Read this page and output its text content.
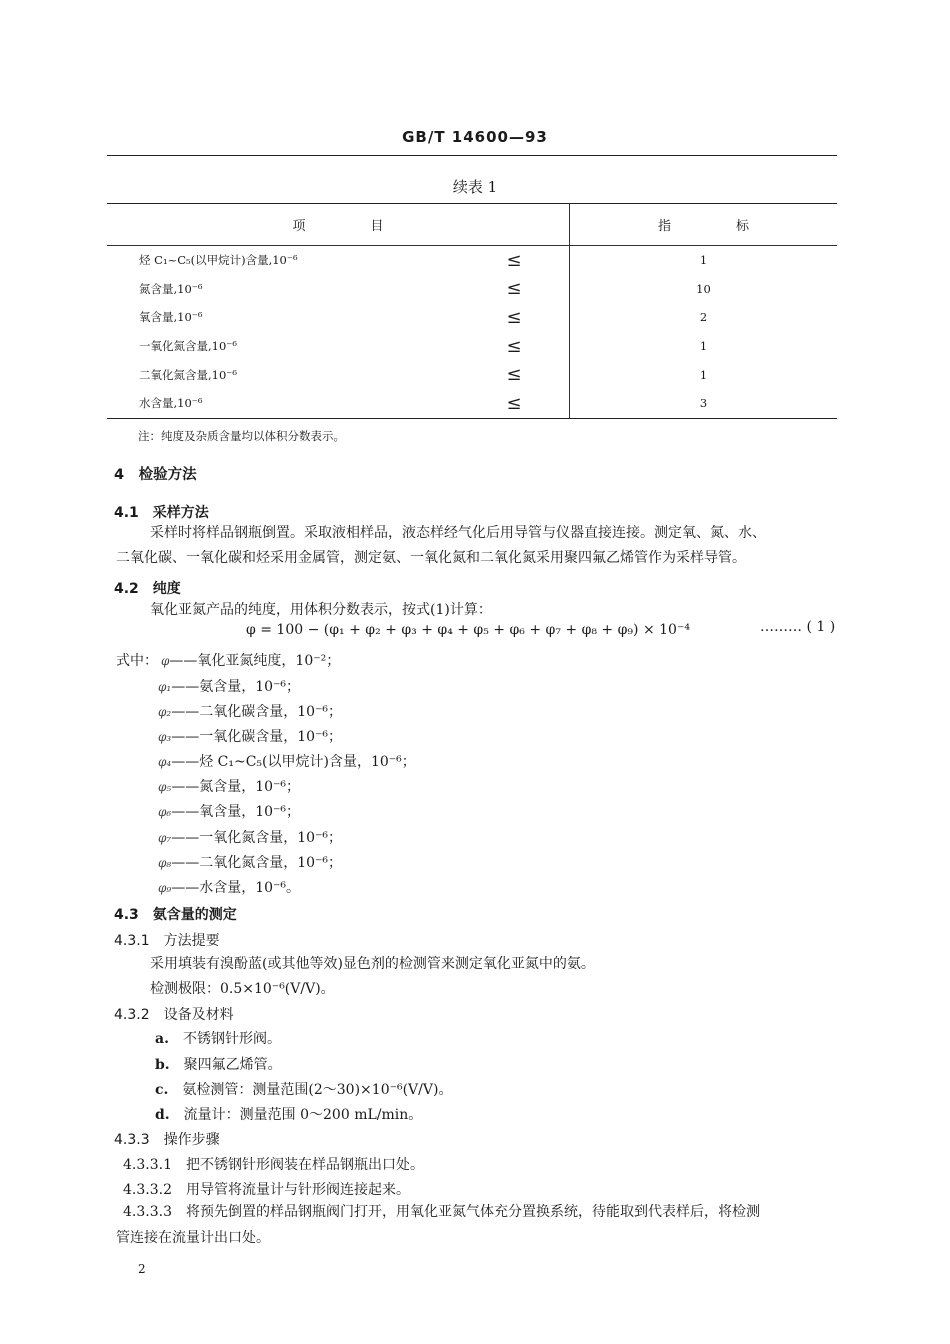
GB/T 14600—93
续表 1
项　　　　　目		指　　　　　标
烃 C₁~C₅(以甲烷计)含量,10⁻⁶	≤	1
氮含量,10⁻⁶	≤	10
氧含量,10⁻⁶	≤	2
一氧化氮含量,10⁻⁶	≤	1
二氧化氮含量,10⁻⁶	≤	1
水含量,10⁻⁶	≤	3
注：纯度及杂质含量均以体积分数表示。
4　检验方法
4.1　采样方法
采样时将样品钢瓶倒置。采取液相样品，液态样经气化后用导管与仪器直接连接。测定氧、氮、水、
二氧化碳、一氧化碳和烃采用金属管，测定氨、一氧化氮和二氧化氮采用聚四氟乙烯管作为采样导管。
4.2　纯度
氧化亚氮产品的纯度，用体积分数表示，按式(1)计算：
φ = 100 − (φ₁ + φ₂ + φ₃ + φ₄ + φ₅ + φ₆ + φ₇ + φ₈ + φ₉) × 10⁻⁴	……… ( 1 )
式中： φ——氧化亚氮纯度，10⁻²；
φ₁——氨含量，10⁻⁶；
φ₂——二氧化碳含量，10⁻⁶；
φ₃——一氧化碳含量，10⁻⁶；
φ₄——烃 C₁~C₅(以甲烷计)含量，10⁻⁶；
φ₅——氮含量，10⁻⁶；
φ₆——氧含量，10⁻⁶；
φ₇——一氧化氮含量，10⁻⁶；
φ₈——二氧化氮含量，10⁻⁶；
φ₉——水含量，10⁻⁶。
4.3　氨含量的测定
4.3.1　方法提要
采用填装有溴酚蓝(或其他等效)显色剂的检测管来测定氧化亚氮中的氨。
检测极限：0.5×10⁻⁶(V/V)。
4.3.2　设备及材料
a.　 不锈钢针形阀。
b.　 聚四氟乙烯管。
c.　 氨检测管：测量范围(2～30)×10⁻⁶(V/V)。
d.　 流量计：测量范围 0～200 mL/min。
4.3.3　操作步骤
4.3.3.1　把不锈钢针形阀装在样品钢瓶出口处。
4.3.3.2　用导管将流量计与针形阀连接起来。
4.3.3.3　将预先倒置的样品钢瓶阀门打开，用氧化亚氮气体充分置换系统，待能取到代表样后，将检测
管连接在流量计出口处。
2
